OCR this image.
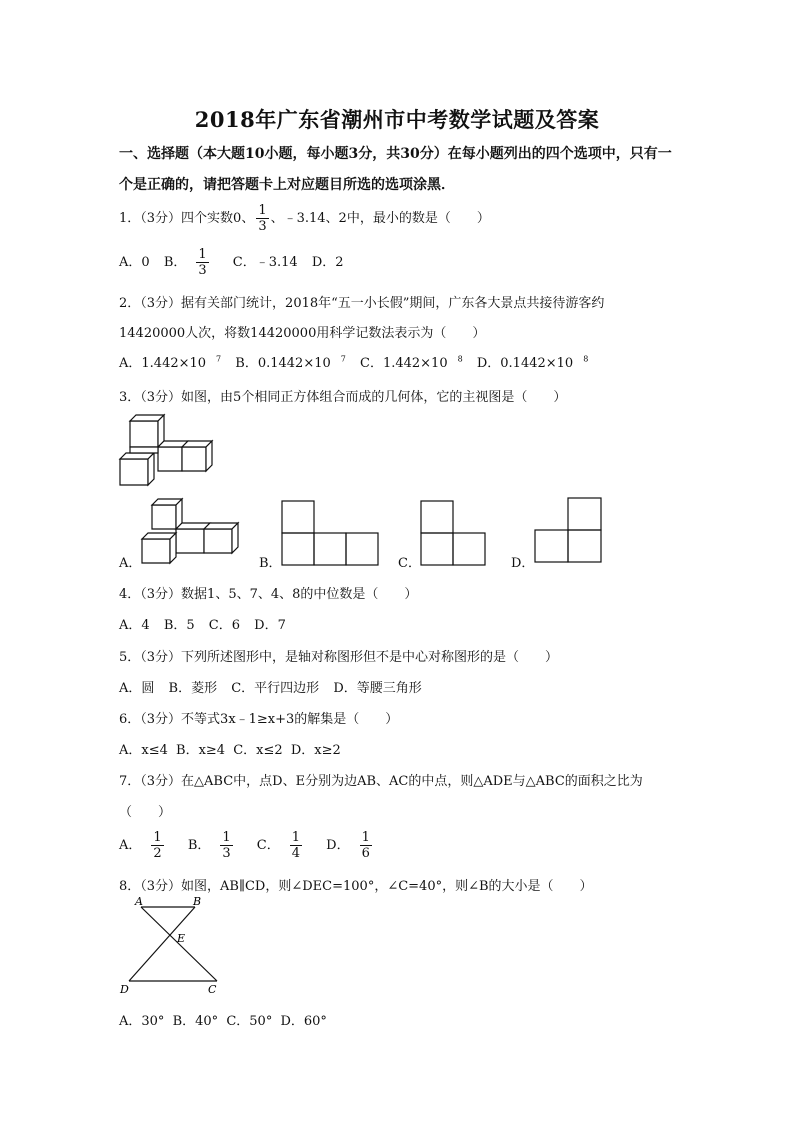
2018年广东省潮州市中考数学试题及答案
一、选择题（本大题10小题，每小题3分，共30分）在每小题列出的四个选项中，只有一个是正确的，请把答题卡上对应题目所选的选项涂黑．
1．（3分）四个实数0、 $\frac{1}{3}$ 、﹣3.14、2中，最小的数是（　　）
A．0 B． $\frac{1}{3}$ C．﹣3.14 D．2
2．（3分）据有关部门统计，2018年“五一小长假”期间，广东各大景点共接待游客约
14420000人次，将数14420000用科学记数法表示为（　　）
A．1.442×10 $^7$ B．0.1442×10 $^7$ C．1.442×10 $^8$ D．0.1442×10 $^8$
3．（3分）如图，由5个相同正方体组合而成的几何体，它的主视图是（　　）
A．	B．	C．	D．
4．（3分）数据1、5、7、4、8的中位数是（　　）
A．4 B．5 C．6 D．7
5．（3分）下列所述图形中，是轴对称图形但不是中心对称图形的是（　　）
A．圆 B．菱形 C．平行四边形 D．等腰三角形
6．（3分）不等式3x﹣1≥x+3的解集是（　　）
A．x≤4 B．x≥4 C．x≤2 D．x≥2
7．（3分）在△ABC中，点D、E分别为边AB、AC的中点，则△ADE与△ABC的面积之比为
（　　）
A． $\frac{1}{2}$ B． $\frac{1}{3}$ C． $\frac{1}{4}$ D． $\frac{1}{6}$
8．（3分）如图，AB∥CD，则∠DEC=100°，∠C=40°，则∠B的大小是（　　）
A	B
E
D	C
A．30° B．40° C．50° D．60°
